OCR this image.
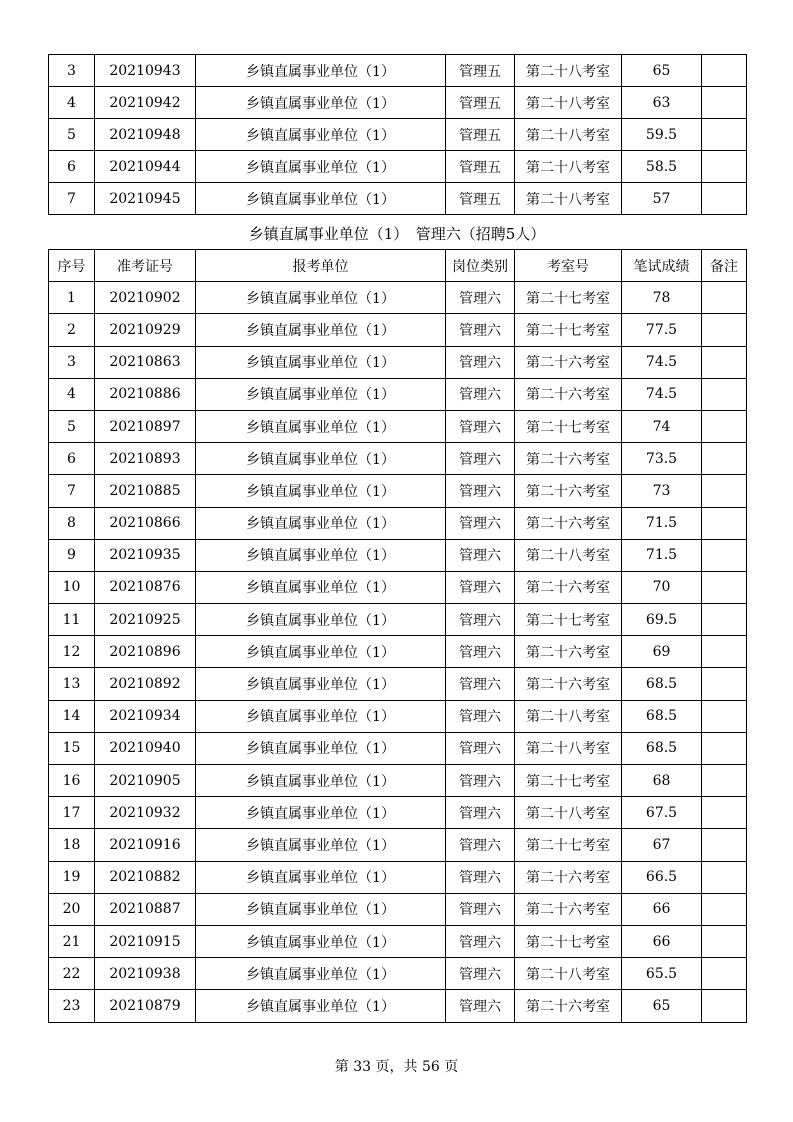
3	20210943	乡镇直属事业单位（1）	管理五	第二十八考室	65	
4	20210942	乡镇直属事业单位（1）	管理五	第二十八考室	63	
5	20210948	乡镇直属事业单位（1）	管理五	第二十八考室	59.5	
6	20210944	乡镇直属事业单位（1）	管理五	第二十八考室	58.5	
7	20210945	乡镇直属事业单位（1）	管理五	第二十八考室	57	
乡镇直属事业单位（1）　管理六（招聘5人）
序号	准考证号	报考单位	岗位类别	考室号	笔试成绩	备注
1	20210902	乡镇直属事业单位（1）	管理六	第二十七考室	78	
2	20210929	乡镇直属事业单位（1）	管理六	第二十七考室	77.5	
3	20210863	乡镇直属事业单位（1）	管理六	第二十六考室	74.5	
4	20210886	乡镇直属事业单位（1）	管理六	第二十六考室	74.5	
5	20210897	乡镇直属事业单位（1）	管理六	第二十七考室	74	
6	20210893	乡镇直属事业单位（1）	管理六	第二十六考室	73.5	
7	20210885	乡镇直属事业单位（1）	管理六	第二十六考室	73	
8	20210866	乡镇直属事业单位（1）	管理六	第二十六考室	71.5	
9	20210935	乡镇直属事业单位（1）	管理六	第二十八考室	71.5	
10	20210876	乡镇直属事业单位（1）	管理六	第二十六考室	70	
11	20210925	乡镇直属事业单位（1）	管理六	第二十七考室	69.5	
12	20210896	乡镇直属事业单位（1）	管理六	第二十六考室	69	
13	20210892	乡镇直属事业单位（1）	管理六	第二十六考室	68.5	
14	20210934	乡镇直属事业单位（1）	管理六	第二十八考室	68.5	
15	20210940	乡镇直属事业单位（1）	管理六	第二十八考室	68.5	
16	20210905	乡镇直属事业单位（1）	管理六	第二十七考室	68	
17	20210932	乡镇直属事业单位（1）	管理六	第二十八考室	67.5	
18	20210916	乡镇直属事业单位（1）	管理六	第二十七考室	67	
19	20210882	乡镇直属事业单位（1）	管理六	第二十六考室	66.5	
20	20210887	乡镇直属事业单位（1）	管理六	第二十六考室	66	
21	20210915	乡镇直属事业单位（1）	管理六	第二十七考室	66	
22	20210938	乡镇直属事业单位（1）	管理六	第二十八考室	65.5	
23	20210879	乡镇直属事业单位（1）	管理六	第二十六考室	65	
第 33 页，共 56 页
